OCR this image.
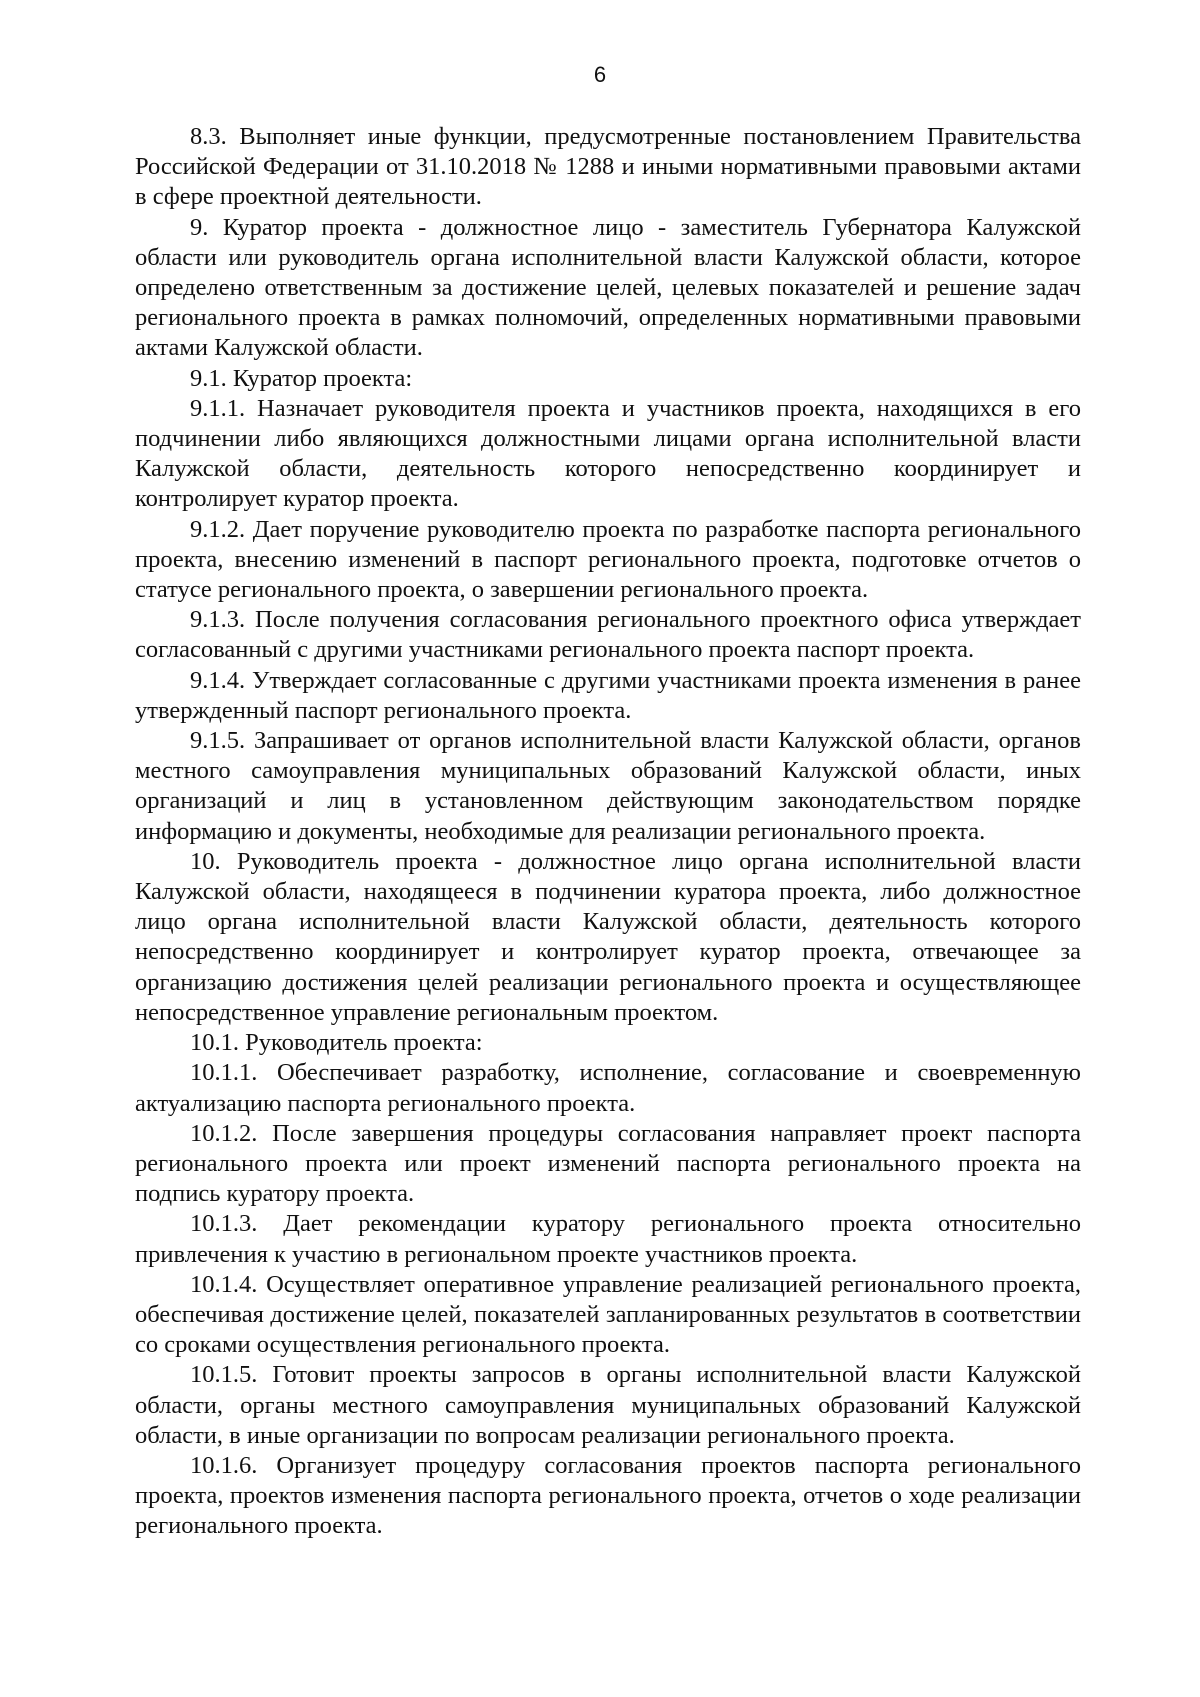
6

8.3. Выполняет иные функции, предусмотренные постановлением Правительства Российской Федерации от 31.10.2018 № 1288 и иными нормативными правовыми актами в сфере проектной деятельности.

9. Куратор проекта - должностное лицо - заместитель Губернатора Калужской области или руководитель органа исполнительной власти Калужской области, которое определено ответственным за достижение целей, целевых показателей и решение задач регионального проекта в рамках полномочий, определенных нормативными правовыми актами Калужской области.

9.1. Куратор проекта:

9.1.1. Назначает руководителя проекта и участников проекта, находящихся в его подчинении либо являющихся должностными лицами органа исполнительной власти Калужской области, деятельность которого непосредственно координирует и контролирует куратор проекта.

9.1.2. Дает поручение руководителю проекта по разработке паспорта регионального проекта, внесению изменений в паспорт регионального проекта, подготовке отчетов о статусе регионального проекта, о завершении регионального проекта.

9.1.3. После получения согласования регионального проектного офиса утверждает согласованный с другими участниками регионального проекта паспорт проекта.

9.1.4. Утверждает согласованные с другими участниками проекта изменения в ранее утвержденный паспорт регионального проекта.

9.1.5. Запрашивает от органов исполнительной власти Калужской области, органов местного самоуправления муниципальных образований Калужской области, иных организаций и лиц в установленном действующим законодательством порядке информацию и документы, необходимые для реализации регионального проекта.

10. Руководитель проекта - должностное лицо органа исполнительной власти Калужской области, находящееся в подчинении куратора проекта, либо должностное лицо органа исполнительной власти Калужской области, деятельность которого непосредственно координирует и контролирует куратор проекта, отвечающее за организацию достижения целей реализации регионального проекта и осуществляющее непосредственное управление региональным проектом.

10.1. Руководитель проекта:

10.1.1. Обеспечивает разработку, исполнение, согласование и своевременную актуализацию паспорта регионального проекта.

10.1.2. После завершения процедуры согласования направляет проект паспорта регионального проекта или проект изменений паспорта регионального проекта на подпись куратору проекта.

10.1.3. Дает рекомендации куратору регионального проекта относительно привлечения к участию в региональном проекте участников проекта.

10.1.4. Осуществляет оперативное управление реализацией регионального проекта, обеспечивая достижение целей, показателей запланированных результатов в соответствии со сроками осуществления регионального проекта.

10.1.5. Готовит проекты запросов в органы исполнительной власти Калужской области, органы местного самоуправления муниципальных образований Калужской области, в иные организации по вопросам реализации регионального проекта.

10.1.6. Организует процедуру согласования проектов паспорта регионального проекта, проектов изменения паспорта регионального проекта, отчетов о ходе реализации регионального проекта.
